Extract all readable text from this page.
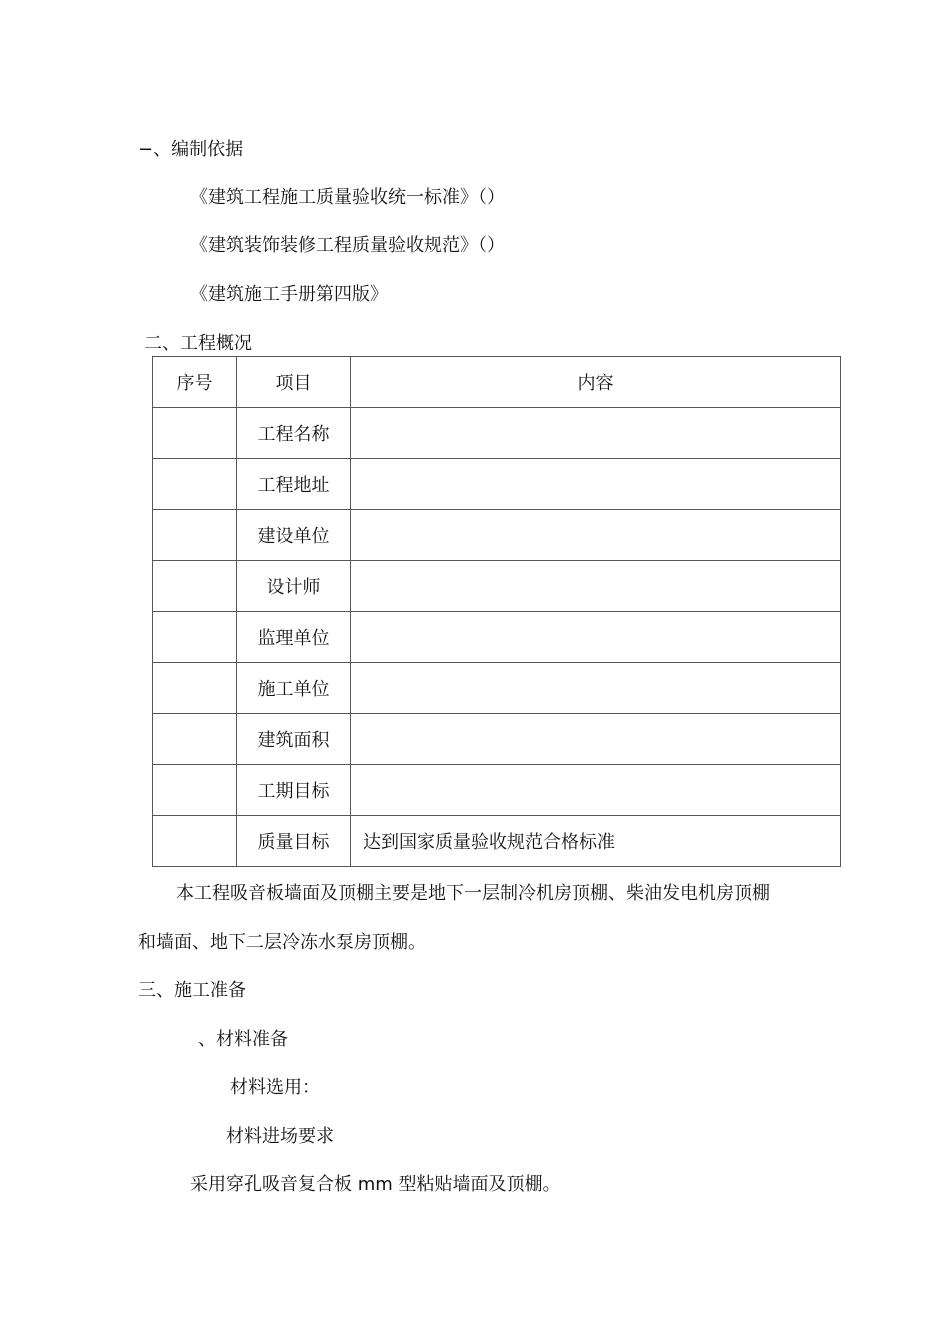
−、编制依据
《建筑工程施工质量验收统一标准》（）
《建筑装饰装修工程质量验收规范》（）
《建筑施工手册第四版》
二、工程概况
序号	项目	内容
	工程名称	
	工程地址	
	建设单位	
	设计师	
	监理单位	
	施工单位	
	建筑面积	
	工期目标	
	质量目标	达到国家质量验收规范合格标准
本工程吸音板墙面及顶棚主要是地下一层制冷机房顶棚、柴油发电机房顶棚
和墙面、地下二层冷冻水泵房顶棚。
三、施工准备
、材料准备
材料选用：
材料进场要求
采用穿孔吸音复合板 mm 型粘贴墙面及顶棚。
